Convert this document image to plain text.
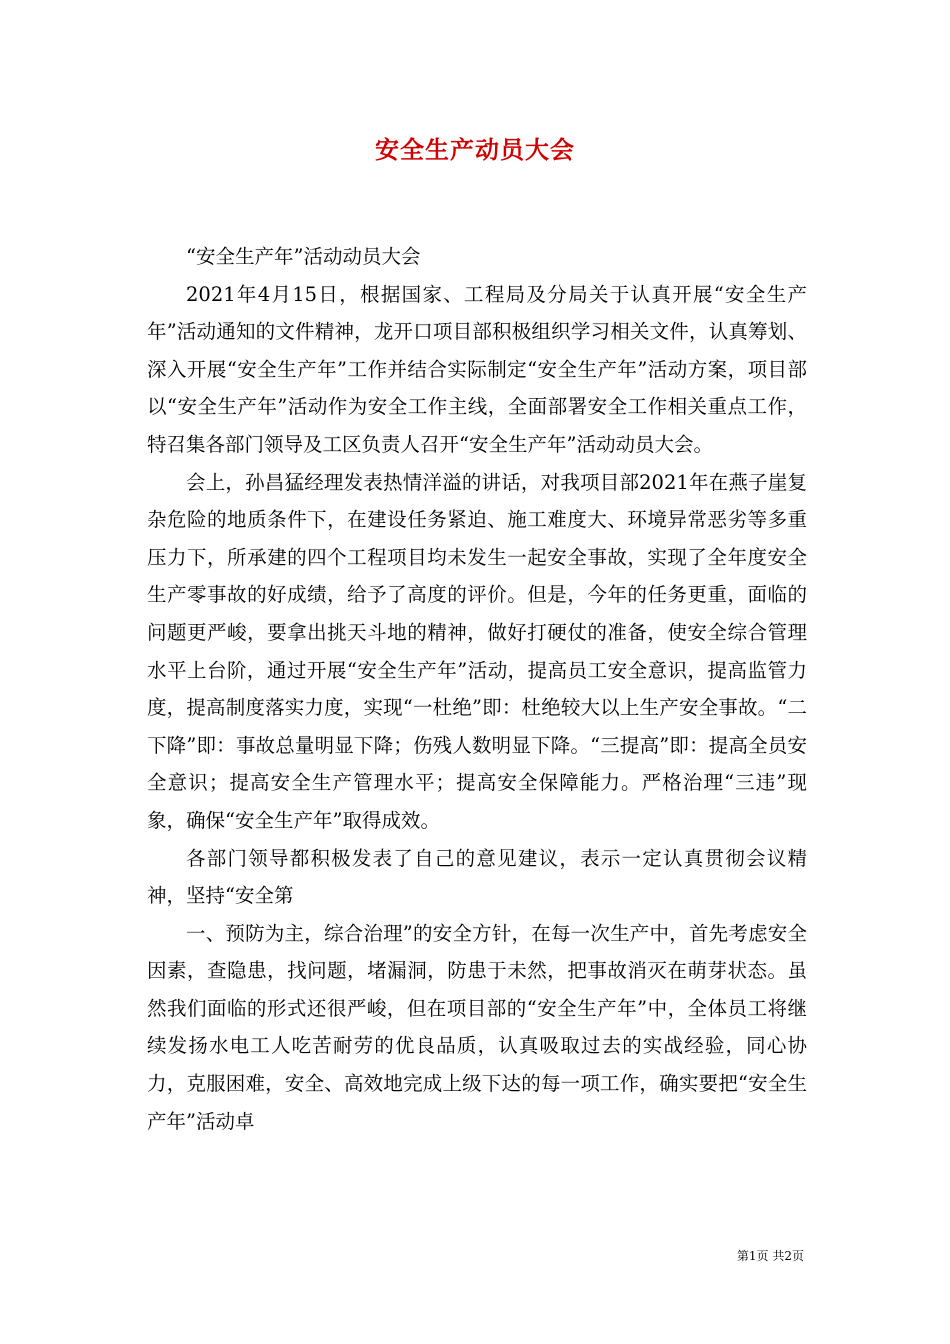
安全生产动员大会

“安全生产年”活动动员大会

2021年4月15日，根据国家、工程局及分局关于认真开展“安全生产年”活动通知的文件精神，龙开口项目部积极组织学习相关文件，认真筹划、深入开展“安全生产年”工作并结合实际制定“安全生产年”活动方案，项目部以“安全生产年”活动作为安全工作主线，全面部署安全工作相关重点工作，特召集各部门领导及工区负责人召开“安全生产年”活动动员大会。

会上，孙昌猛经理发表热情洋溢的讲话，对我项目部2021年在燕子崖复杂危险的地质条件下，在建设任务紧迫、施工难度大、环境异常恶劣等多重压力下，所承建的四个工程项目均未发生一起安全事故，实现了全年度安全生产零事故的好成绩，给予了高度的评价。但是，今年的任务更重，面临的问题更严峻，要拿出挑天斗地的精神，做好打硬仗的准备，使安全综合管理水平上台阶，通过开展“安全生产年”活动，提高员工安全意识，提高监管力度，提高制度落实力度，实现“一杜绝”即：杜绝较大以上生产安全事故。“二下降”即：事故总量明显下降；伤残人数明显下降。“三提高”即：提高全员安全意识；提高安全生产管理水平；提高安全保障能力。严格治理“三违”现象，确保“安全生产年”取得成效。

各部门领导都积极发表了自己的意见建议，表示一定认真贯彻会议精神，坚持“安全第

一、预防为主，综合治理”的安全方针，在每一次生产中，首先考虑安全因素，查隐患，找问题，堵漏洞，防患于未然，把事故消灭在萌芽状态。虽然我们面临的形式还很严峻，但在项目部的“安全生产年”中，全体员工将继续发扬水电工人吃苦耐劳的优良品质，认真吸取过去的实战经验，同心协力，克服困难，安全、高效地完成上级下达的每一项工作，确实要把“安全生产年”活动卓

第1页 共2页
